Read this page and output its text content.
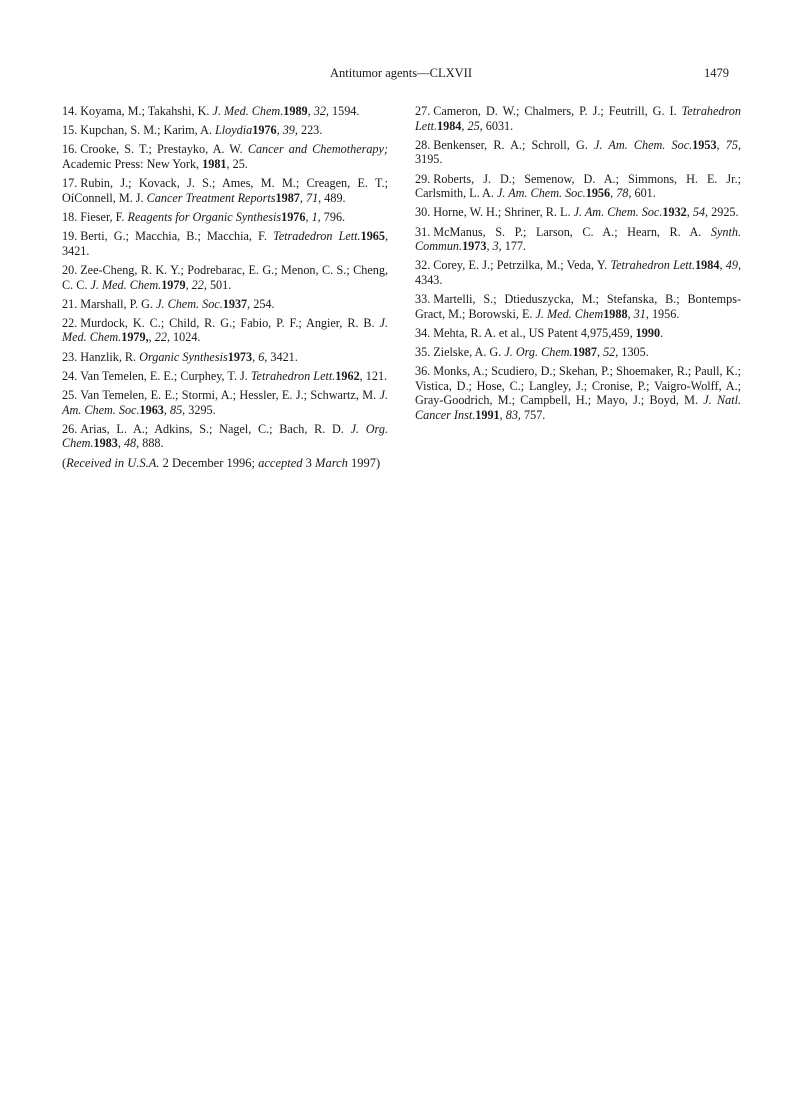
Antitumor agents—CLXVII	1479
14. Koyama, M.; Takahshi, K. J. Med. Chem.1989, 32, 1594.
15. Kupchan, S. M.; Karim, A. Lloydia1976, 39, 223.
16. Crooke, S. T.; Prestayko, A. W. Cancer and Chemotherapy; Academic Press: New York, 1981, 25.
17. Rubin, J.; Kovack, J. S.; Ames, M. M.; Creagen, E. T.; OíConnell, M. J. Cancer Treatment Reports1987, 71, 489.
18. Fieser, F. Reagents for Organic Synthesis1976, 1, 796.
19. Berti, G.; Macchia, B.; Macchia, F. Tetradedron Lett.1965, 3421.
20. Zee-Cheng, R. K. Y.; Podrebarac, E. G.; Menon, C. S.; Cheng, C. C. J. Med. Chem.1979, 22, 501.
21. Marshall, P. G. J. Chem. Soc.1937, 254.
22. Murdock, K. C.; Child, R. G.; Fabio, P. F.; Angier, R. B. J. Med. Chem.1979,, 22, 1024.
23. Hanzlik, R. Organic Synthesis1973, 6, 3421.
24. Van Temelen, E. E.; Curphey, T. J. Tetrahedron Lett.1962, 121.
25. Van Temelen, E. E.; Stormi, A.; Hessler, E. J.; Schwartz, M. J. Am. Chem. Soc.1963, 85, 3295.
26. Arias, L. A.; Adkins, S.; Nagel, C.; Bach, R. D. J. Org. Chem.1983, 48, 888.
27. Cameron, D. W.; Chalmers, P. J.; Feutrill, G. I. Tetrahedron Lett.1984, 25, 6031.
28. Benkenser, R. A.; Schroll, G. J. Am. Chem. Soc.1953, 75, 3195.
29. Roberts, J. D.; Semenow, D. A.; Simmons, H. E. Jr.; Carlsmith, L. A. J. Am. Chem. Soc.1956, 78, 601.
30. Horne, W. H.; Shriner, R. L. J. Am. Chem. Soc.1932, 54, 2925.
31. McManus, S. P.; Larson, C. A.; Hearn, R. A. Synth. Commun.1973, 3, 177.
32. Corey, E. J.; Petrzilka, M.; Veda, Y. Tetrahedron Lett.1984, 49, 4343.
33. Martelli, S.; Dtieduszycka, M.; Stefanska, B.; Bontemps-Gract, M.; Borowski, E. J. Med. Chem1988, 31, 1956.
34. Mehta, R. A. et al., US Patent 4,975,459, 1990.
35. Zielske, A. G. J. Org. Chem.1987, 52, 1305.
36. Monks, A.; Scudiero, D.; Skehan, P.; Shoemaker, R.; Paull, K.; Vistica, D.; Hose, C.; Langley, J.; Cronise, P.; Vaigro-Wolff, A.; Gray-Goodrich, M.; Campbell, H.; Mayo, J.; Boyd, M. J. Natl. Cancer Inst.1991, 83, 757.
(Received in U.S.A. 2 December 1996; accepted 3 March 1997)
